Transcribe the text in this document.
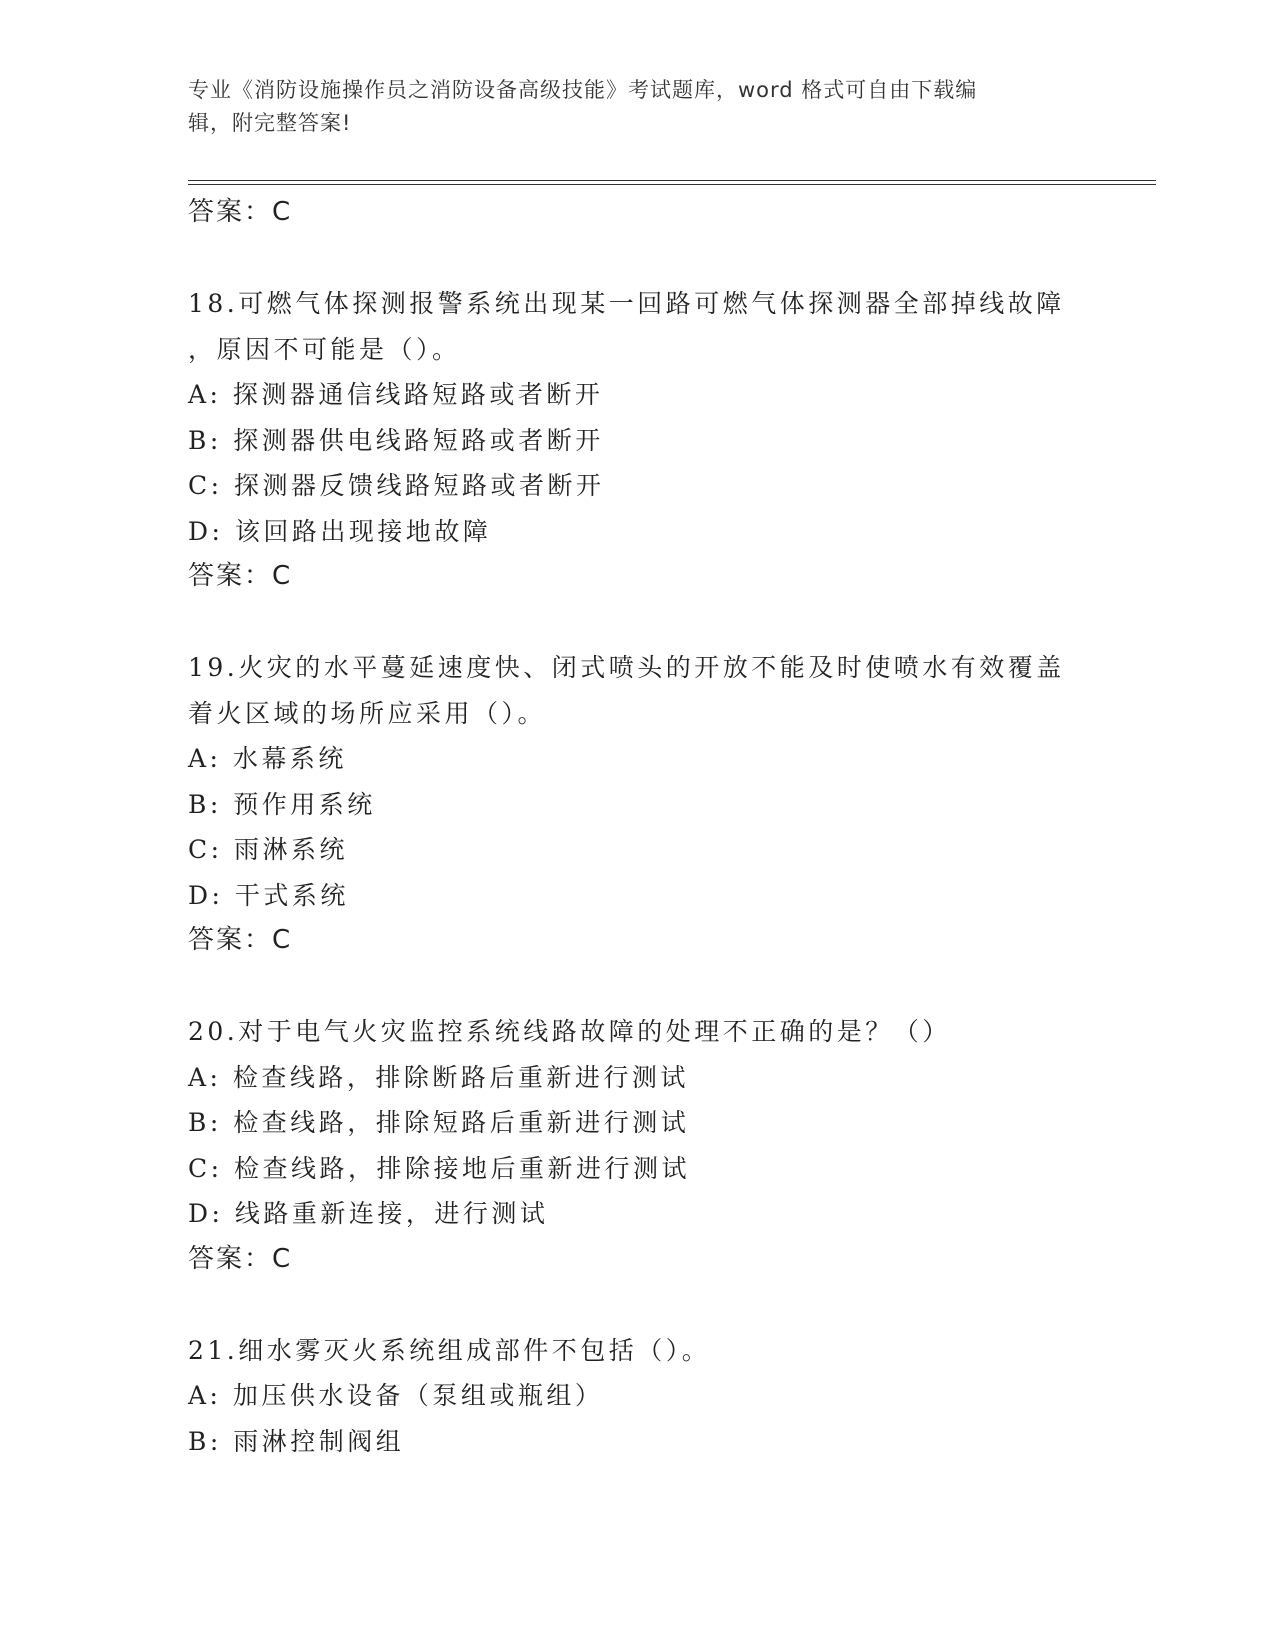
专业《消防设施操作员之消防设备高级技能》考试题库，word 格式可自由下载编
辑，附完整答案!
答案：C
18.可燃气体探测报警系统出现某一回路可燃气体探测器全部掉线故障
，原因不可能是（）。
A: 探测器通信线路短路或者断开
B: 探测器供电线路短路或者断开
C: 探测器反馈线路短路或者断开
D: 该回路出现接地故障
答案：C
19.火灾的水平蔓延速度快、闭式喷头的开放不能及时使喷水有效覆盖
着火区域的场所应采用（）。
A: 水幕系统
B: 预作用系统
C: 雨淋系统
D: 干式系统
答案：C
20.对于电气火灾监控系统线路故障的处理不正确的是？（）
A: 检查线路，排除断路后重新进行测试
B: 检查线路，排除短路后重新进行测试
C: 检查线路，排除接地后重新进行测试
D: 线路重新连接，进行测试
答案：C
21.细水雾灭火系统组成部件不包括（）。
A: 加压供水设备（泵组或瓶组）
B: 雨淋控制阀组
